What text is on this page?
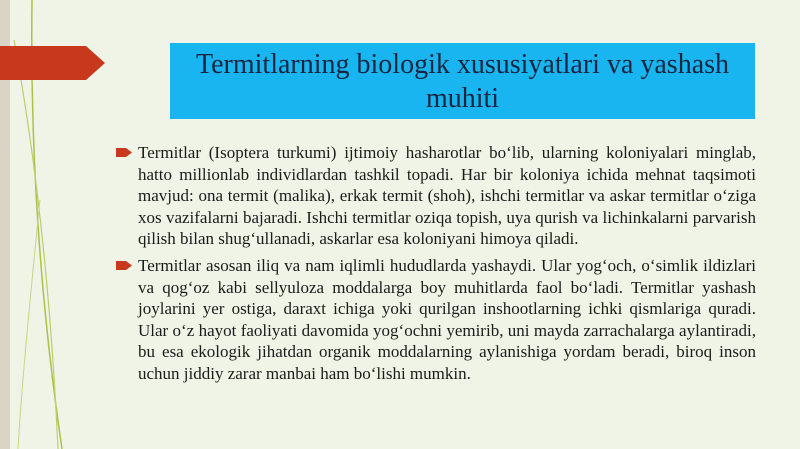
Termitlarning biologik xususiyatlari va yashash muhiti
Termitlar (Isoptera turkumi) ijtimoiy hasharotlar bo‘lib, ularning koloniyalari minglab, hatto millionlab individlardan tashkil topadi. Har bir koloniya ichida mehnat taqsimoti mavjud: ona termit (malika), erkak termit (shoh), ishchi termitlar va askar termitlar o‘ziga xos vazifalarni bajaradi. Ishchi termitlar oziqa topish, uya qurish va lichinkalarni parvarish qilish bilan shug‘ullanadi, askarlar esa koloniyani himoya qiladi.
Termitlar asosan iliq va nam iqlimli hududlarda yashaydi. Ular yog‘och, o‘simlik ildizlari va qog‘oz kabi sellyuloza moddalarga boy muhitlarda faol bo‘ladi. Termitlar yashash joylarini yer ostiga, daraxt ichiga yoki qurilgan inshootlarning ichki qismlariga quradi. Ular o‘z hayot faoliyati davomida yog‘ochni yemirib, uni mayda zarrachalarga aylantiradi, bu esa ekologik jihatdan organik moddalarning aylanishiga yordam beradi, biroq inson uchun jiddiy zarar manbai ham bo‘lishi mumkin.
